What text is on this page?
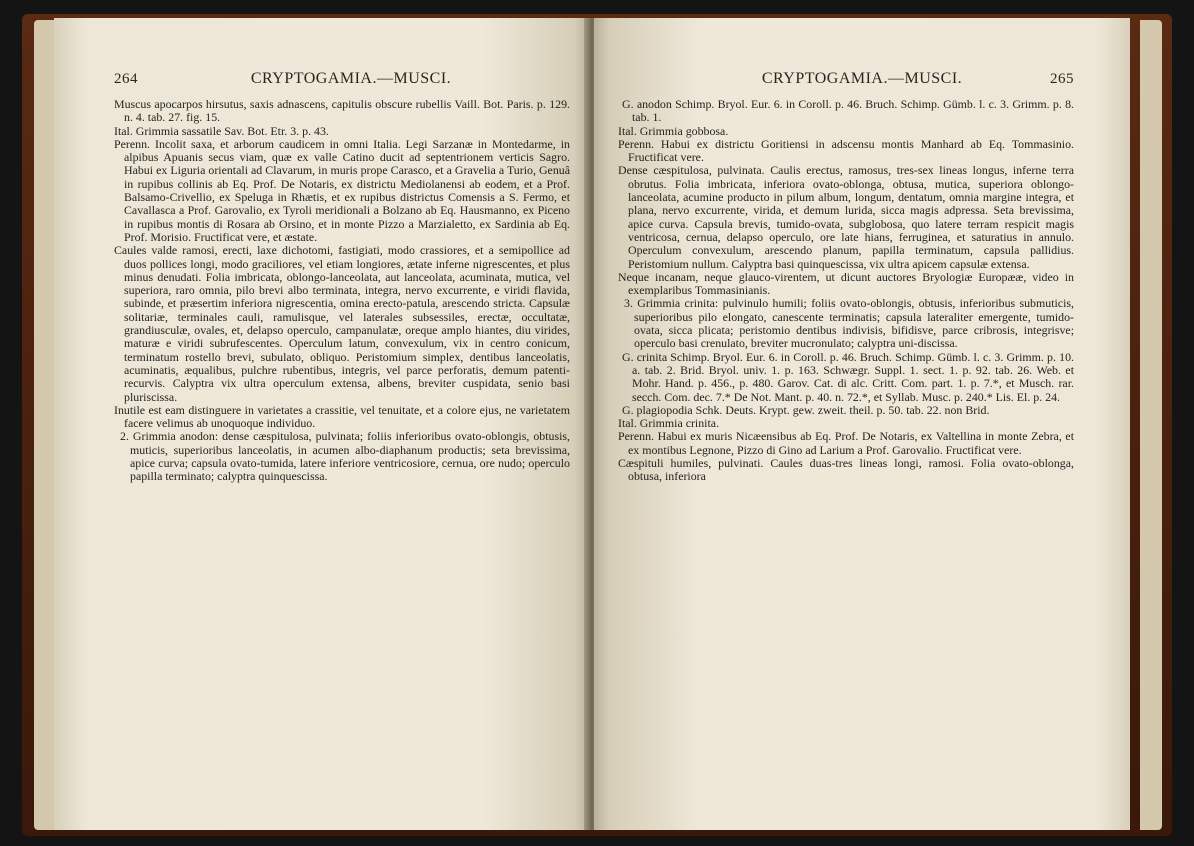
264	CRYPTOGAMIA.—MUSCI.

Muscus apocarpos hirsutus, saxis adnascens, capitulis obscure rubellis Vaill. Bot. Paris. p. 129. n. 4. tab. 27. fig. 15.

Ital. Grimmia sassatile Sav. Bot. Etr. 3. p. 43.

Perenn. Incolit saxa, et arborum caudicem in omni Italia. Legi Sarzanæ in Montedarme, in alpibus Apuanis secus viam, quæ ex valle Catino ducit ad septentrionem verticis Sagro. Habui ex Liguria orientali ad Clavarum, in muris prope Carasco, et a Gravelia a Turio, Genuâ in rupibus collinis ab Eq. Prof. De Notaris, ex districtu Mediolanensi ab eodem, et a Prof. Balsamo-Crivellio, ex Speluga in Rhætis, et ex rupibus districtus Comensis a S. Fermo, et Cavallasca a Prof. Garovalio, ex Tyroli meridionali a Bolzano ab Eq. Hausmanno, ex Piceno in rupibus montis di Rosara ab Orsino, et in monte Pizzo a Marzialetto, ex Sardinia ab Eq. Prof. Morisio. Fructificat vere, et æstate.

Caules valde ramosi, erecti, laxe dichotomi, fastigiati, modo crassiores, et a semipollice ad duos pollices longi, modo graciliores, vel etiam longiores, ætate inferne nigrescentes, et plus minus denudati. Folia imbricata, oblongo-lanceolata, aut lanceolata, acuminata, mutica, vel superiora, raro omnia, pilo brevi albo terminata, integra, nervo excurrente, e viridi flavida, subinde, et præsertim inferiora nigrescentia, omina erecto-patula, arescendo stricta. Capsulæ solitariæ, terminales cauli, ramulisque, vel laterales subsessiles, erectæ, occultatæ, grandiusculæ, ovales, et, delapso operculo, campanulatæ, oreque amplo hiantes, diu virides, maturæ e viridi subrufescentes. Operculum latum, convexulum, vix in centro conicum, terminatum rostello brevi, subulato, obliquo. Peristomium simplex, dentibus lanceolatis, acuminatis, æqualibus, pulchre rubentibus, integris, vel parce perforatis, demum patenti-recurvis. Calyptra vix ultra operculum extensa, albens, breviter cuspidata, senio basi pluriscissa.

Inutile est eam distinguere in varietates a crassitie, vel tenuitate, et a colore ejus, ne varietatem facere velimus ab unoquoque individuo.

2. Grimmia anodon: dense cæspitulosa, pulvinata; foliis inferioribus ovato-oblongis, obtusis, muticis, superioribus lanceolatis, in acumen albo-diaphanum productis; seta brevissima, apice curva; capsula ovato-tumida, latere inferiore ventricosiore, cernua, ore nudo; operculo papilla terminato; calyptra quinquescissa.

CRYPTOGAMIA.—MUSCI.	265

G. anodon Schimp. Bryol. Eur. 6. in Coroll. p. 46. Bruch. Schimp. Gümb. l. c. 3. Grimm. p. 8. tab. 1.

Ital. Grimmia gobbosa.

Perenn. Habui ex districtu Goritiensi in adscensu montis Manhard ab Eq. Tommasinio. Fructificat vere.

Dense cæspitulosa, pulvinata. Caulis erectus, ramosus, tres-sex lineas longus, inferne terra obrutus. Folia imbricata, inferiora ovato-oblonga, obtusa, mutica, superiora oblongo-lanceolata, acumine producto in pilum album, longum, dentatum, omnia margine integra, et plana, nervo excurrente, virida, et demum lurida, sicca magis adpressa. Seta brevissima, apice curva. Capsula brevis, tumido-ovata, subglobosa, quo latere terram respicit magis ventricosa, cernua, delapso operculo, ore late hians, ferruginea, et saturatius in annulo. Operculum convexulum, arescendo planum, papilla terminatum, capsula pallidius. Peristomium nullum. Calyptra basi quinquescissa, vix ultra apicem capsulæ extensa.

Neque incanam, neque glauco-virentem, ut dicunt auctores Bryologiæ Europææ, video in exemplaribus Tommasinianis.

3. Grimmia crinita: pulvinulo humili; foliis ovato-oblongis, obtusis, inferioribus submuticis, superioribus pilo elongato, canescente terminatis; capsula lateraliter emergente, tumido-ovata, sicca plicata; peristomio dentibus indivisis, bifidisve, parce cribrosis, integrisve; operculo basi crenulato, breviter mucronulato; calyptra uni-discissa.

G. crinita Schimp. Bryol. Eur. 6. in Coroll. p. 46. Bruch. Schimp. Gümb. l. c. 3. Grimm. p. 10. a. tab. 2. Brid. Bryol. univ. 1. p. 163. Schwægr. Suppl. 1. sect. 1. p. 92. tab. 26. Web. et Mohr. Hand. p. 456., p. 480. Garov. Cat. di alc. Critt. Com. part. 1. p. 7.*, et Musch. rar. secch. Com. dec. 7.* De Not. Mant. p. 40. n. 72.*, et Syllab. Musc. p. 240.* Lis. El. p. 24.

G. plagiopodia Schk. Deuts. Krypt. gew. zweit. theil. p. 50. tab. 22. non Brid.

Ital. Grimmia crinita.

Perenn. Habui ex muris Nicæensibus ab Eq. Prof. De Notaris, ex Valtellina in monte Zebra, et ex montibus Legnone, Pizzo di Gino ad Larium a Prof. Garovalio. Fructificat vere.

Cæspituli humiles, pulvinati. Caules duas-tres lineas longi, ramosi. Folia ovato-oblonga, obtusa, inferiora
